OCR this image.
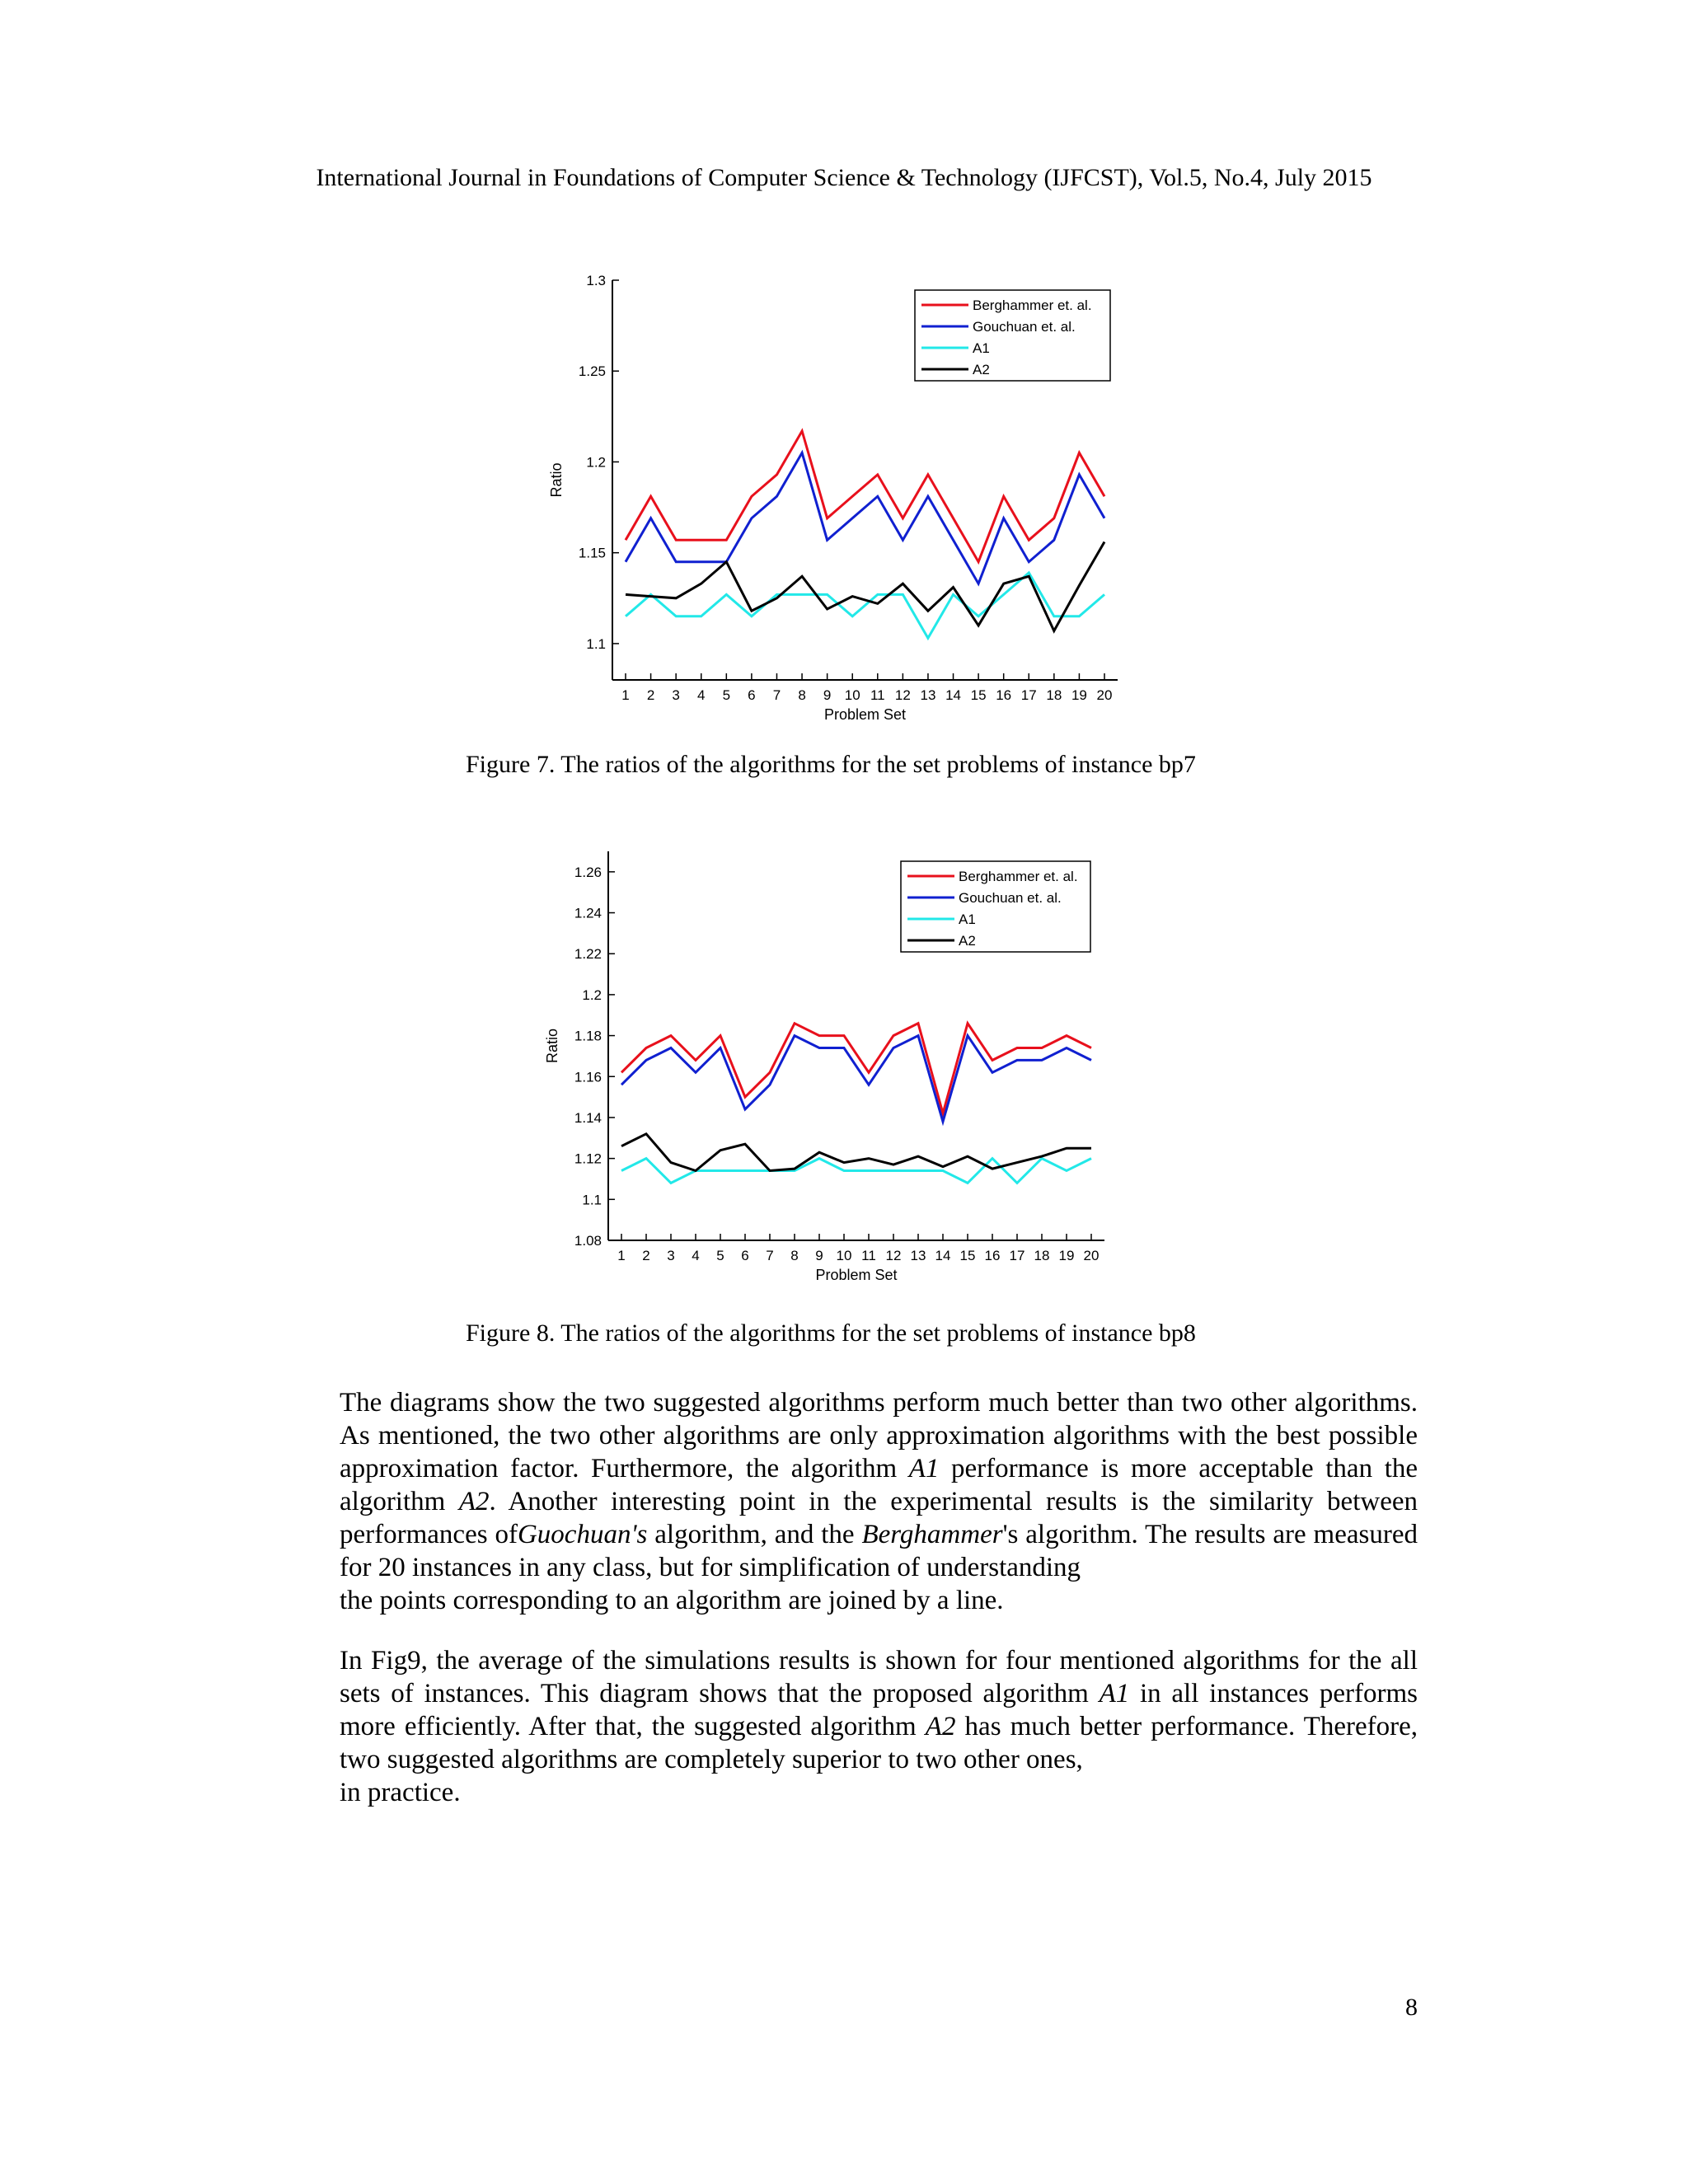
International Journal in Foundations of Computer Science & Technology (IJFCST), Vol.5, No.4, July 2015
1.1
1.15
1.2
1.25
1.3
1 2 3 4 5 6 7 8 9 10 11 12 13 14 15 16 17 18 19 20
Problem Set
Ratio
Berghammer et. al.
Gouchuan et. al.
A1
A2
Figure 7. The ratios of the algorithms for the set problems of instance bp7
1.08
1.1
1.12
1.14
1.16
1.18
1.2
1.22
1.24
1.26
1 2 3 4 5 6 7 8 9 10 11 12 13 14 15 16 17 18 19 20
Problem Set
Ratio
Berghammer et. al.
Gouchuan et. al.
A1
A2
Figure 8. The ratios of the algorithms for the set problems of instance bp8

The diagrams show the two suggested algorithms perform much better than two other algorithms. As mentioned, the two other algorithms are only approximation algorithms with the best possible approximation factor. Furthermore, the algorithm A1 performance is more acceptable than the algorithm A2. Another interesting point in the experimental results is the similarity between performances ofGuochuan's algorithm, and the Berghammer's algorithm. The results are measured for 20 instances in any class, but for simplification of understanding
the points corresponding to an algorithm are joined by a line.

In Fig9, the average of the simulations results is shown for four mentioned algorithms for the all sets of instances. This diagram shows that the proposed algorithm A1 in all instances performs more efficiently. After that, the suggested algorithm A2 has much better performance. Therefore, two suggested algorithms are completely superior to two other ones,
in practice.

8
